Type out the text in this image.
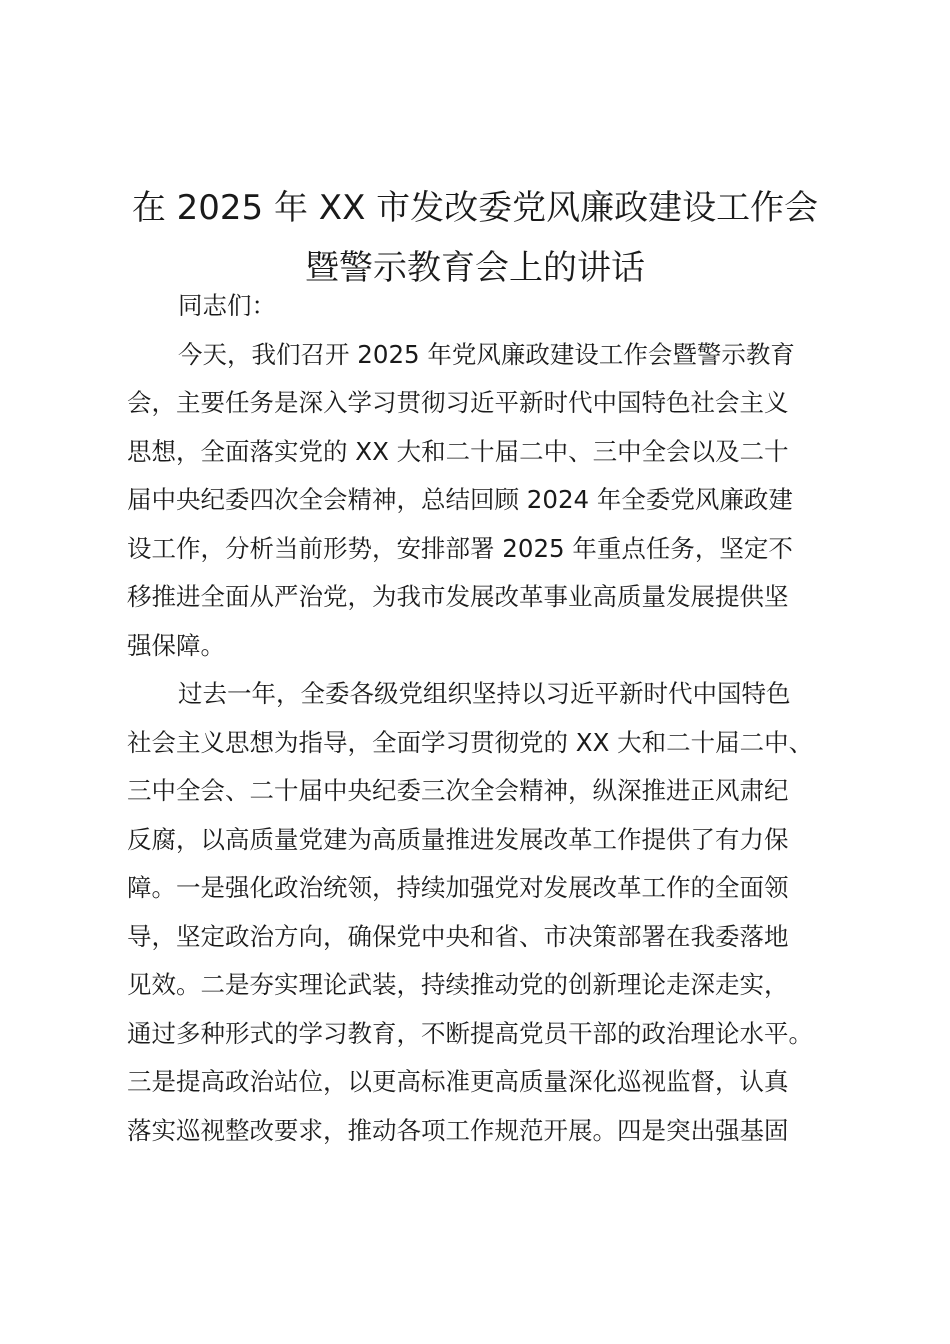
在 2025 年 XX 市发改委党风廉政建设工作会
暨警示教育会上的讲话
同志们：
今天，我们召开 2025 年党风廉政建设工作会暨警示教育
会，主要任务是深入学习贯彻习近平新时代中国特色社会主义
思想，全面落实党的 XX 大和二十届二中、三中全会以及二十
届中央纪委四次全会精神，总结回顾 2024 年全委党风廉政建
设工作，分析当前形势，安排部署 2025 年重点任务，坚定不
移推进全面从严治党，为我市发展改革事业高质量发展提供坚
强保障。
过去一年，全委各级党组织坚持以习近平新时代中国特色
社会主义思想为指导，全面学习贯彻党的 XX 大和二十届二中、
三中全会、二十届中央纪委三次全会精神，纵深推进正风肃纪
反腐，以高质量党建为高质量推进发展改革工作提供了有力保
障。一是强化政治统领，持续加强党对发展改革工作的全面领
导，坚定政治方向，确保党中央和省、市决策部署在我委落地
见效。二是夯实理论武装，持续推动党的创新理论走深走实，
通过多种形式的学习教育，不断提高党员干部的政治理论水平。
三是提高政治站位，以更高标准更高质量深化巡视监督，认真
落实巡视整改要求，推动各项工作规范开展。四是突出强基固
